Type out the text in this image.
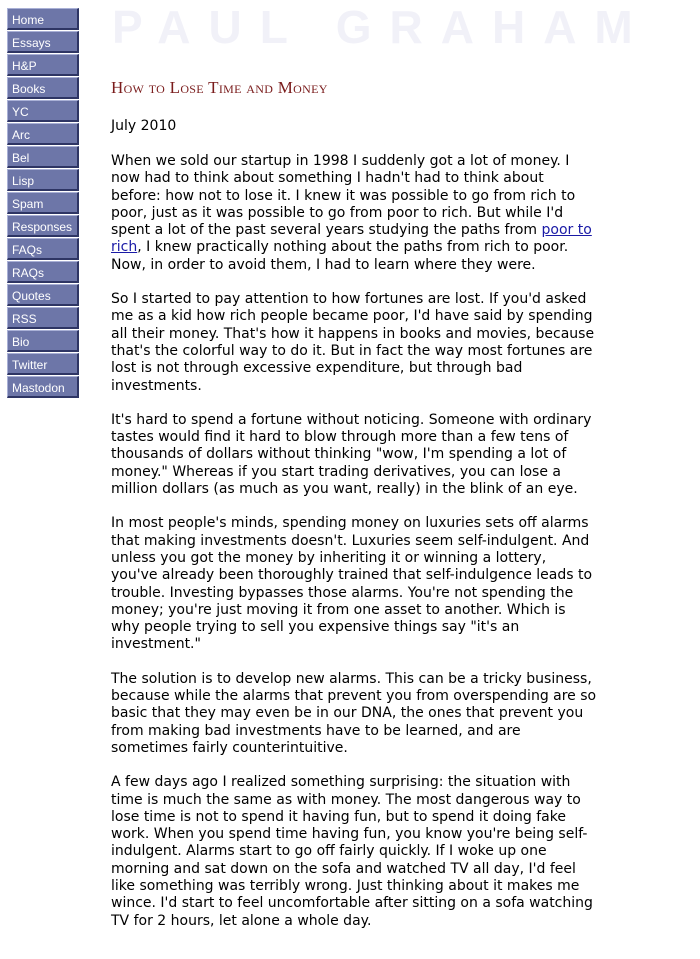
Home
Essays
H&P
Books
YC
Arc
Bel
Lisp
Spam
Responses
FAQs
RAQs
Quotes
RSS
Bio
Twitter
Mastodon
PAUL GRAHAM
How to Lose Time and Money
July 2010

When we sold our startup in 1998 I suddenly got a lot of money. I now had to think about something I hadn't had to think about before: how not to lose it. I knew it was possible to go from rich to poor, just as it was possible to go from poor to rich. But while I'd spent a lot of the past several years studying the paths from poor to rich, I knew practically nothing about the paths from rich to poor. Now, in order to avoid them, I had to learn where they were.

So I started to pay attention to how fortunes are lost. If you'd asked me as a kid how rich people became poor, I'd have said by spending all their money. That's how it happens in books and movies, because that's the colorful way to do it. But in fact the way most fortunes are lost is not through excessive expenditure, but through bad investments.

It's hard to spend a fortune without noticing. Someone with ordinary tastes would find it hard to blow through more than a few tens of thousands of dollars without thinking "wow, I'm spending a lot of money." Whereas if you start trading derivatives, you can lose a million dollars (as much as you want, really) in the blink of an eye.

In most people's minds, spending money on luxuries sets off alarms that making investments doesn't. Luxuries seem self-indulgent. And unless you got the money by inheriting it or winning a lottery, you've already been thoroughly trained that self-indulgence leads to trouble. Investing bypasses those alarms. You're not spending the money; you're just moving it from one asset to another. Which is why people trying to sell you expensive things say "it's an investment."

The solution is to develop new alarms. This can be a tricky business, because while the alarms that prevent you from overspending are so basic that they may even be in our DNA, the ones that prevent you from making bad investments have to be learned, and are sometimes fairly counterintuitive.

A few days ago I realized something surprising: the situation with time is much the same as with money. The most dangerous way to lose time is not to spend it having fun, but to spend it doing fake work. When you spend time having fun, you know you're being self-indulgent. Alarms start to go off fairly quickly. If I woke up one morning and sat down on the sofa and watched TV all day, I'd feel like something was terribly wrong. Just thinking about it makes me wince. I'd start to feel uncomfortable after sitting on a sofa watching TV for 2 hours, let alone a whole day.
